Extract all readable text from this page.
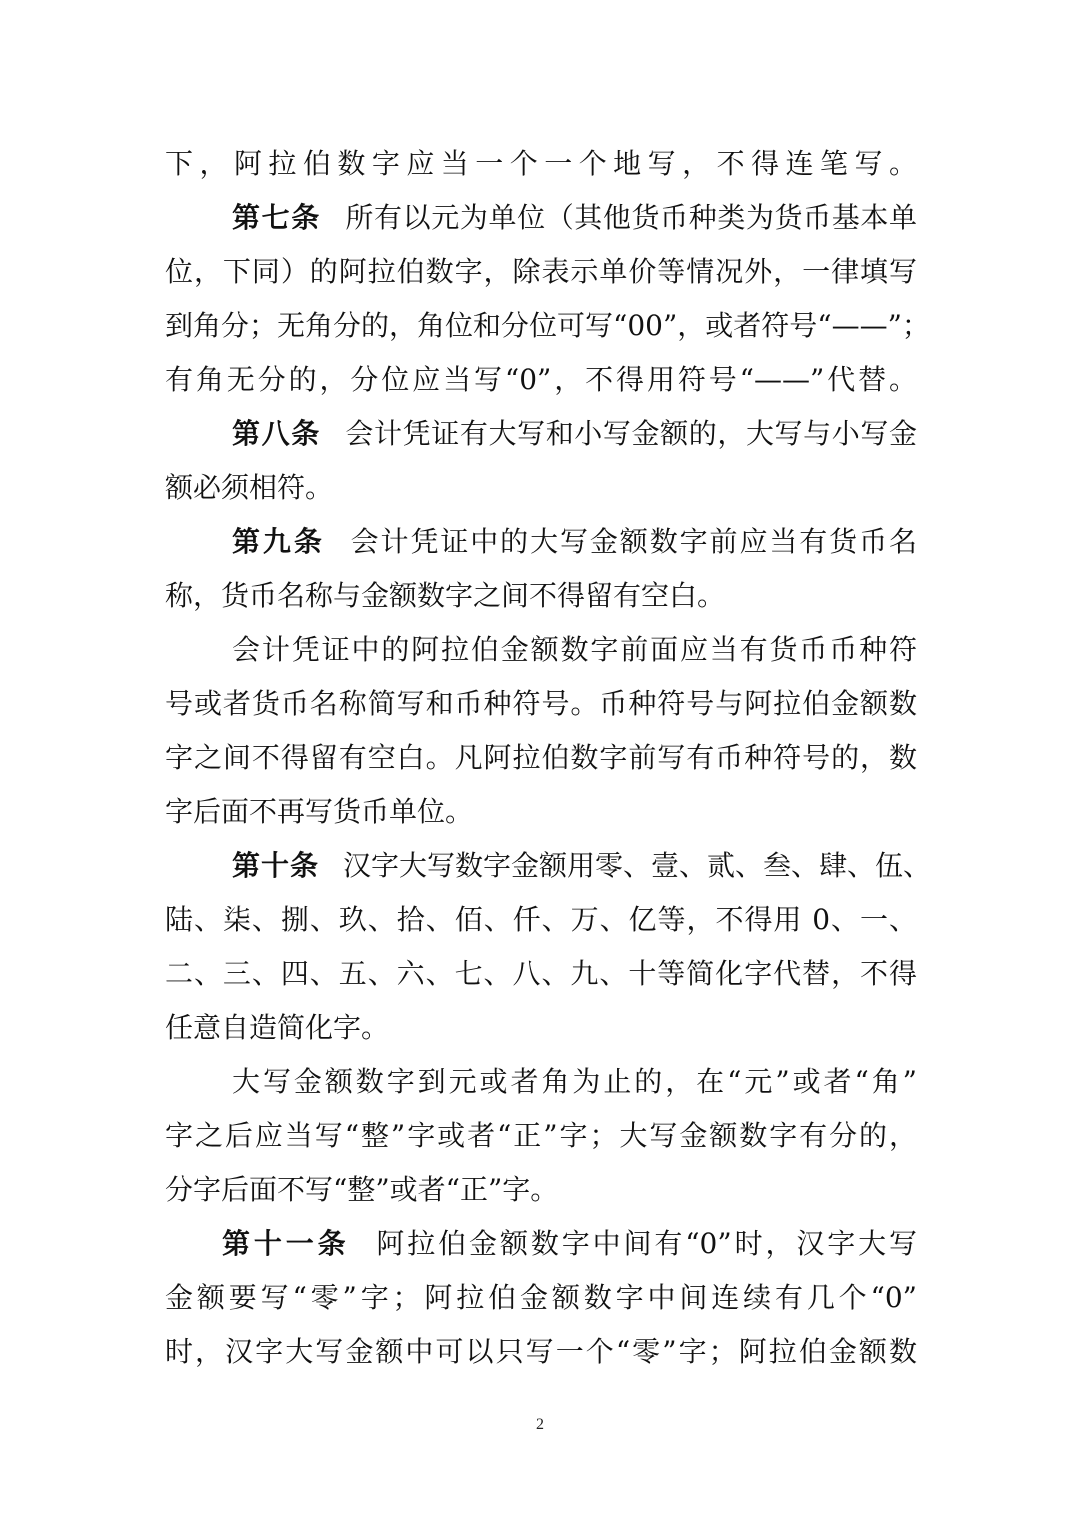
下，阿拉伯数字应当一个一个地写，不得连笔写。
第七条 所有以元为单位（其他货币种类为货币基本单
位，下同）的阿拉伯数字，除表示单价等情况外，一律填写
到角分；无角分的，角位和分位可写“00”，或者符号“——”；
有角无分的，分位应当写“0”，不得用符号“——”代替。
第八条 会计凭证有大写和小写金额的，大写与小写金
额必须相符。
第九条 会计凭证中的大写金额数字前应当有货币名
称，货币名称与金额数字之间不得留有空白。
会计凭证中的阿拉伯金额数字前面应当有货币币种符
号或者货币名称简写和币种符号。币种符号与阿拉伯金额数
字之间不得留有空白。凡阿拉伯数字前写有币种符号的，数
字后面不再写货币单位。
第十条 汉字大写数字金额用零、壹、贰、叁、肆、伍、
陆、柒、捌、玖、拾、佰、仟、万、亿等，不得用 0、一、
二、三、四、五、六、七、八、九、十等简化字代替，不得
任意自造简化字。
大写金额数字到元或者角为止的，在“元”或者“角”
字之后应当写“整”字或者“正”字；大写金额数字有分的，
分字后面不写“整”或者“正”字。
第十一条 阿拉伯金额数字中间有“0”时，汉字大写
金额要写“零”字；阿拉伯金额数字中间连续有几个“0”
时，汉字大写金额中可以只写一个“零”字；阿拉伯金额数
2
